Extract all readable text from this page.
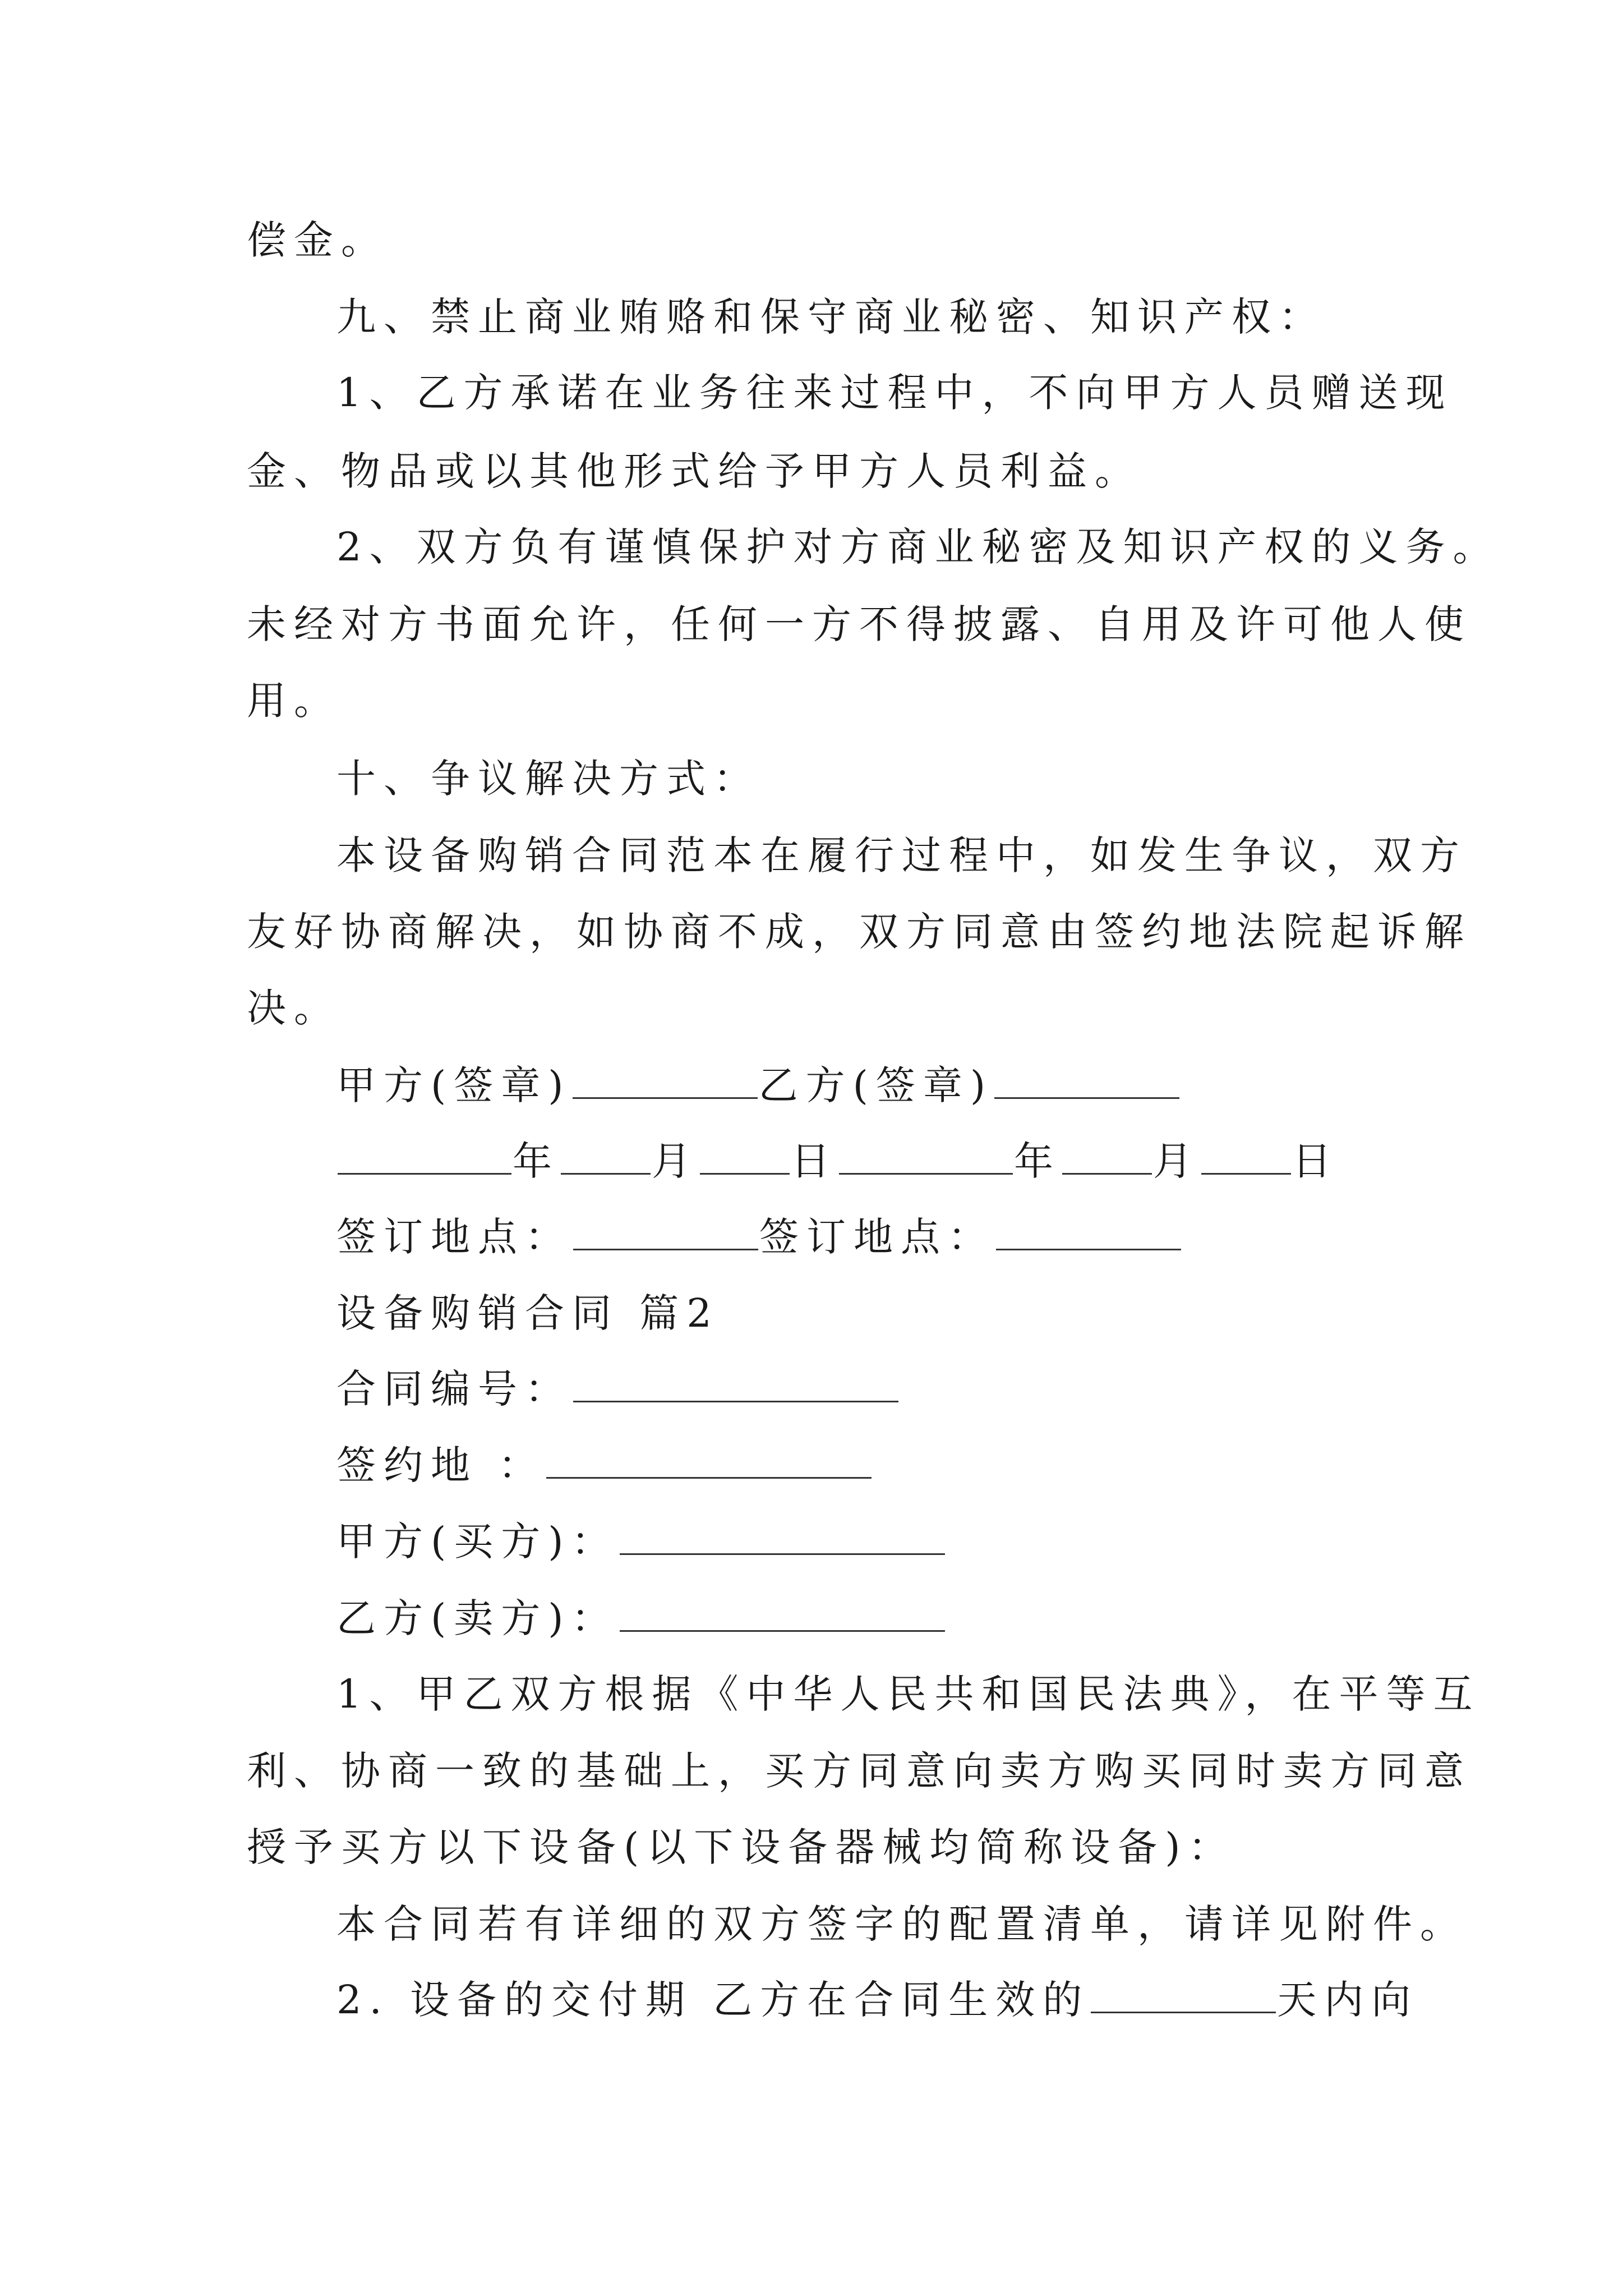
偿金。
九、禁止商业贿赂和保守商业秘密、知识产权：
1、乙方承诺在业务往来过程中，不向甲方人员赠送现
金、物品或以其他形式给予甲方人员利益。
2、双方负有谨慎保护对方商业秘密及知识产权的义务。
未经对方书面允许，任何一方不得披露、自用及许可他人使
用。
十、争议解决方式：
本设备购销合同范本在履行过程中，如发生争议，双方
友好协商解决，如协商不成，双方同意由签约地法院起诉解
决。
甲方(签章)	乙方(签章)
年 月 日	年 月 日
签订地点：	签订地点：
设备购销合同 篇2
合同编号：
签约地 ：
甲方(买方)：
乙方(卖方)：
1、甲乙双方根据《中华人民共和国民法典》，在平等互
利、协商一致的基础上，买方同意向卖方购买同时卖方同意
授予买方以下设备(以下设备器械均简称设备)：
本合同若有详细的双方签字的配置清单，请详见附件。
2. 设备的交付期 乙方在合同生效的	天内向
